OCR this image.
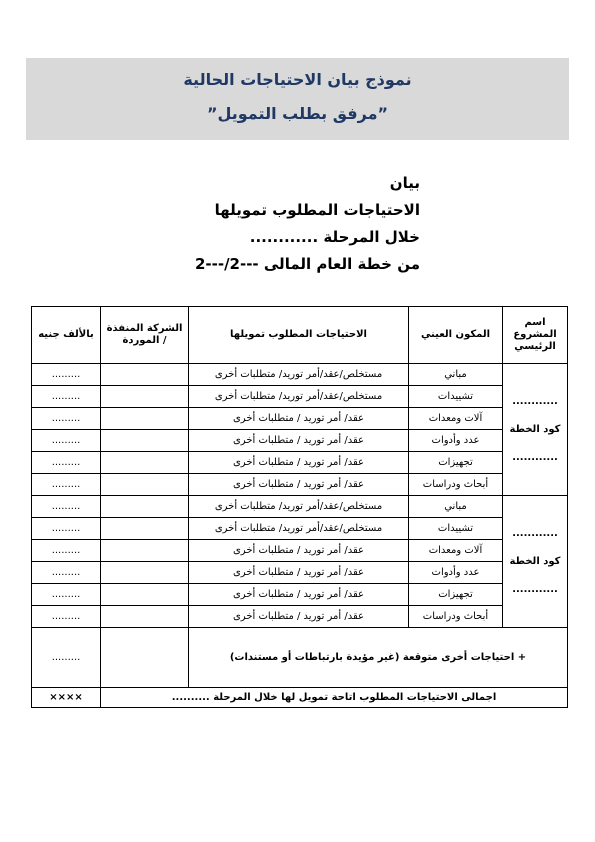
نموذج بيان الاحتياجات الحالية
”مرفق بطلب التمويل”
بيان
الاحتياجات المطلوب تمويلها
خلال المرحلة ............
من خطة العام المالى ---2/---2
اسم المشروع الرئيسي	المكون العيني	الاحتياجات المطلوب تمويلها	الشركة المنفذة / الموردة	بالألف جنيه

............
كود الخطة
............	مباني	مستخلص/عقد/أمر توريد/ متطلبات أخرى		.........
	تشييدات	مستخلص/عقد/أمر توريد/ متطلبات أخرى		.........
	آلات ومعدات	عقد/ أمر توريد / متطلبات أخرى		.........
	عدد وأدوات	عقد/ أمر توريد / متطلبات أخرى		.........
	تجهيزات	عقد/ أمر توريد / متطلبات أخرى		.........
	أبحاث ودراسات	عقد/ أمر توريد / متطلبات أخرى		.........

............
كود الخطة
............	مباني	مستخلص/عقد/أمر توريد/ متطلبات أخرى		.........
	تشييدات	مستخلص/عقد/أمر توريد/ متطلبات أخرى		.........
	آلات ومعدات	عقد/ أمر توريد / متطلبات أخرى		.........
	عدد وأدوات	عقد/ أمر توريد / متطلبات أخرى		.........
	تجهيزات	عقد/ أمر توريد / متطلبات أخرى		.........
	أبحاث ودراسات	عقد/ أمر توريد / متطلبات أخرى		.........
+ احتياجات أخرى متوقعة (غير مؤيدة بارتباطات أو مستندات)				.........
اجمالى الاحتياجات المطلوب اتاحة تمويل لها خلال المرحلة ..........				××××
